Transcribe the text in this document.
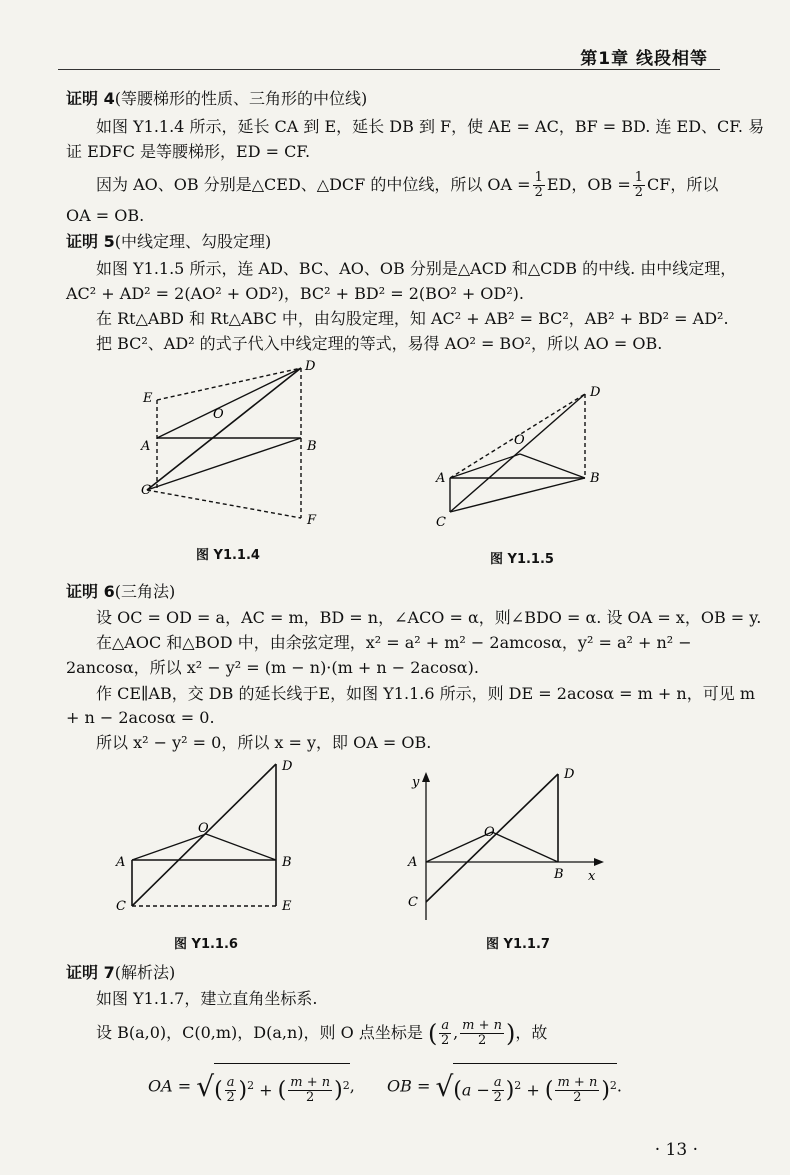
第1章 线段相等
证明 4(等腰梯形的性质、三角形的中位线)
如图 Y1.1.4 所示，延长 CA 到 E，延长 DB 到 F，使 AE = AC，BF = BD. 连 ED、CF. 易
证 EDFC 是等腰梯形，ED = CF.
因为 AO、OB 分别是△CED、△DCF 的中位线，所以 OA = $\frac{1}{2}$ ED，OB = $\frac{1}{2}$ CF，所以
OA = OB.
证明 5(中线定理、勾股定理)
如图 Y1.1.5 所示，连 AD、BC、AO、OB 分别是△ACD 和△CDB 的中线. 由中线定理，
AC² + AD² = 2(AO² + OD²)，BC² + BD² = 2(BO² + OD²).
在 Rt△ABD 和 Rt△ABC 中，由勾股定理，知 AC² + AB² = BC²，AB² + BD² = AD².
把 BC²、AD² 的式子代入中线定理的等式，易得 AO² = BO²，所以 AO = OB.
D
E
O
A	B
C
F
图 Y1.1.4
D
O
A	B
C
图 Y1.1.5
证明 6(三角法)
设 OC = OD = a，AC = m，BD = n，∠ACO = α，则∠BDO = α. 设 OA = x，OB = y.
在△AOC 和△BOD 中，由余弦定理，x² = a² + m² − 2amcosα，y² = a² + n² −
2ancosα，所以 x² − y² = (m − n)·(m + n − 2acosα).
作 CE∥AB，交 DB 的延长线于E，如图 Y1.1.6 所示，则 DE = 2acosα = m + n，可见 m
+ n − 2acosα = 0.
所以 x² − y² = 0，所以 x = y，即 OA = OB.
D
O
A	B
C	E
图 Y1.1.6
y
D
O
A
B x
C
图 Y1.1.7
证明 7(解析法)
如图 Y1.1.7，建立直角坐标系.
设 B(a,0)，C(0,m)，D(a,n)，则 O 点坐标是 ( $\frac{a}{2}$ , $\frac{m + n}{2}$ )，故
OA = √( $\frac{a}{2} )^2$ + ( $\frac{m + n}{2} )^2$, OB = $√(a - \frac{a}{2} )^2$ + ( $\frac{m + n}{2} )^2$.
· 13 ·
